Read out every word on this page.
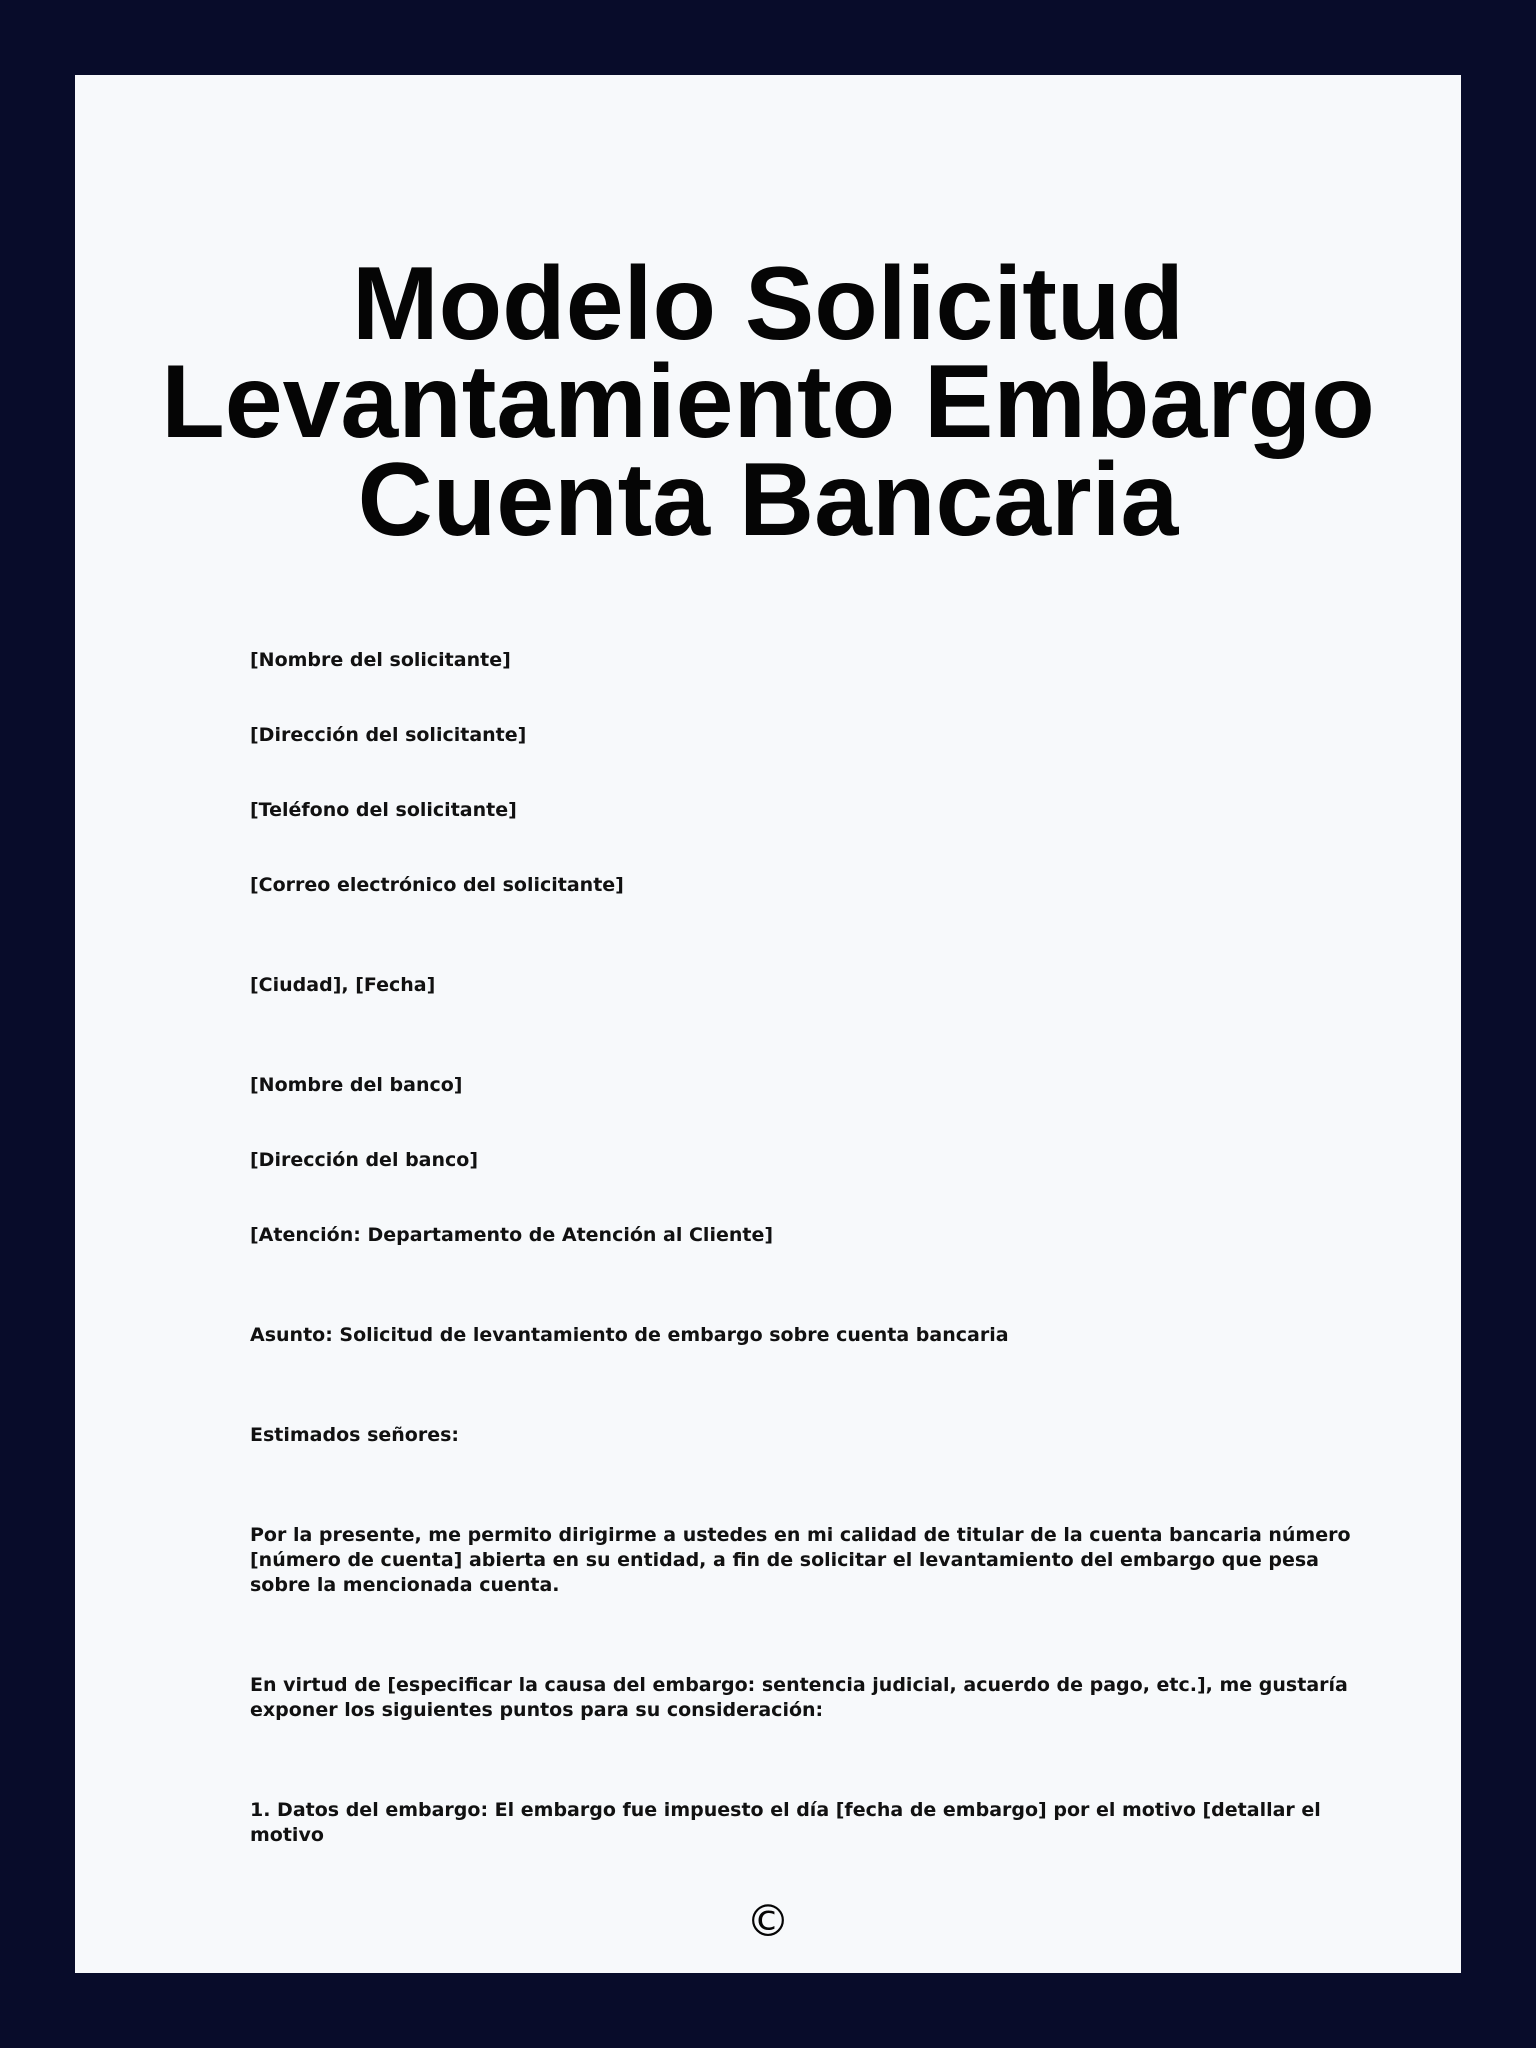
Modelo Solicitud
Levantamiento Embargo
Cuenta Bancaria

[Nombre del solicitante]

[Dirección del solicitante]

[Teléfono del solicitante]

[Correo electrónico del solicitante]

[Ciudad], [Fecha]

[Nombre del banco]

[Dirección del banco]

[Atención: Departamento de Atención al Cliente]

Asunto: Solicitud de levantamiento de embargo sobre cuenta bancaria

Estimados señores:

Por la presente, me permito dirigirme a ustedes en mi calidad de titular de la cuenta bancaria número [número de cuenta] abierta en su entidad, a fin de solicitar el levantamiento del embargo que pesa sobre la mencionada cuenta.

En virtud de [especificar la causa del embargo: sentencia judicial, acuerdo de pago, etc.], me gustaría exponer los siguientes puntos para su consideración:

1. Datos del embargo: El embargo fue impuesto el día [fecha de embargo] por el motivo [detallar el motivo

©
